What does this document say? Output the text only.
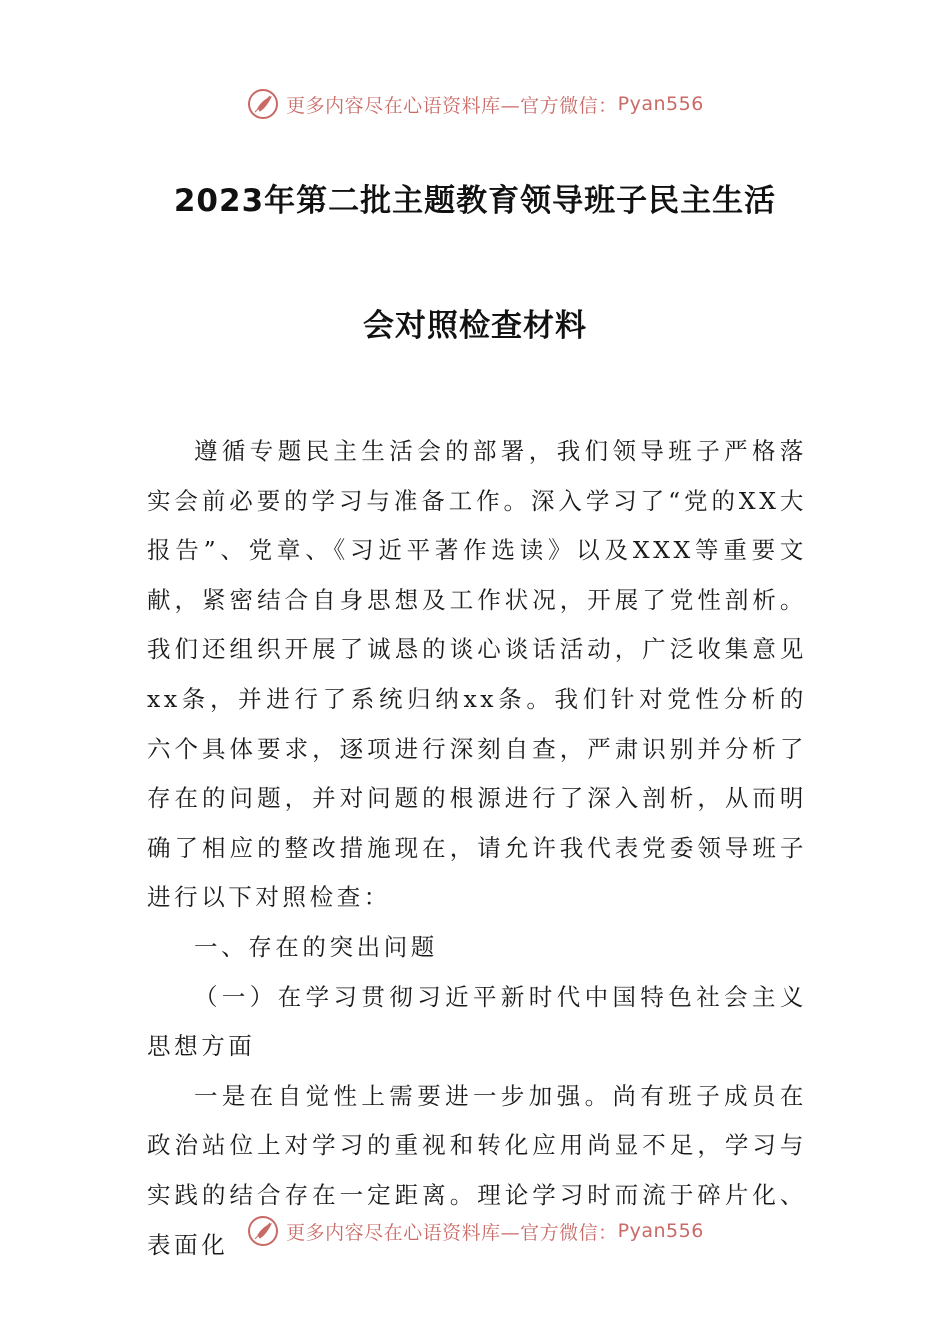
更多内容尽在心语资料库—官方微信： Pyan556
2023年第二批主题教育领导班子民主生活
会对照检查材料

遵循专题民主生活会的部署，我们领导班子严格落实会前必要的学习与准备工作。深入学习了“党的XX大报告”、党章、《习近平著作选读》以及XXX等重要文献，紧密结合自身思想及工作状况，开展了党性剖析。我们还组织开展了诚恳的谈心谈话活动，广泛收集意见xx条，并进行了系统归纳xx条。我们针对党性分析的六个具体要求，逐项进行深刻自查，严肃识别并分析了存在的问题，并对问题的根源进行了深入剖析，从而明确了相应的整改措施现在，请允许我代表党委领导班子进行以下对照检查：

一、存在的突出问题

（一）在学习贯彻习近平新时代中国特色社会主义思想方面

一是在自觉性上需要进一步加强。尚有班子成员在政治站位上对学习的重视和转化应用尚显不足，学习与实践的结合存在一定距离。理论学习时而流于碎片化、表面化	更多内容尽在心语资料库—官方微信： Pyan556
